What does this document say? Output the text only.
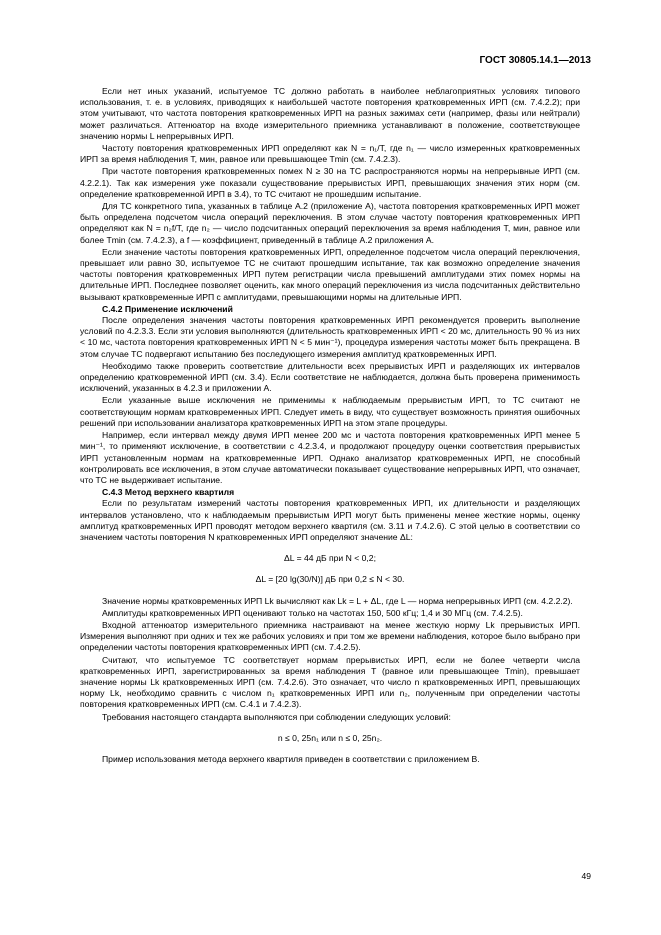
ГОСТ 30805.14.1—2013

Если нет иных указаний, испытуемое ТС должно работать в наиболее неблагоприятных условиях типового использования, т. е. в условиях, приводящих к наибольшей частоте повторения кратковременных ИРП (см. 7.4.2.2); при этом учитывают, что частота повторения кратковременных ИРП на разных зажимах сети (например, фазы или нейтрали) может различаться. Аттенюатор на входе измерительного приемника устанавливают в положение, соответствующее значению нормы L непрерывных ИРП.

Частоту повторения кратковременных ИРП определяют как N = n₁/T, где n₁ — число измеренных кратковременных ИРП за время наблюдения T, мин, равное или превышающее Tmin (см. 7.4.2.3).

При частоте повторения кратковременных помех N ≥ 30 на ТС распространяются нормы на непрерывные ИРП (см. 4.2.2.1). Так как измерения уже показали существование прерывистых ИРП, превышающих значения этих норм (см. определение кратковременной ИРП в 3.4), то ТС считают не прошедшим испытание.

Для ТС конкретного типа, указанных в таблице А.2 (приложение А), частота повторения кратковременных ИРП может быть определена подсчетом числа операций переключения. В этом случае частоту повторения кратковременных ИРП определяют как N = n₂f/T, где n₂ — число подсчитанных операций переключения за время наблюдения T, мин, равное или более Tmin (см. 7.4.2.3), а f — коэффициент, приведенный в таблице А.2 приложения А.

Если значение частоты повторения кратковременных ИРП, определенное подсчетом числа операций переключения, превышает или равно 30, испытуемое ТС не считают прошедшим испытание, так как возможно определение значения частоты повторения кратковременных ИРП путем регистрации числа превышений амплитудами этих помех нормы на длительные ИРП. Последнее позволяет оценить, как много операций переключения из числа подсчитанных действительно вызывают кратковременные ИРП с амплитудами, превышающими нормы на длительные ИРП.

С.4.2 Применение исключений

После определения значения частоты повторения кратковременных ИРП рекомендуется проверить выполнение условий по 4.2.3.3. Если эти условия выполняются (длительность кратковременных ИРП < 20 мс, длительность 90 % из них < 10 мс, частота повторения кратковременных ИРП N < 5 мин⁻¹), процедура измерения частоты может быть прекращена. В этом случае ТС подвергают испытанию без последующего измерения амплитуд кратковременных ИРП.

Необходимо также проверить соответствие длительности всех прерывистых ИРП и разделяющих их интервалов определению кратковременной ИРП (см. 3.4). Если соответствие не наблюдается, должна быть проверена применимость исключений, указанных в 4.2.3 и приложении А.

Если указанные выше исключения не применимы к наблюдаемым прерывистым ИРП, то ТС считают не соответствующим нормам кратковременных ИРП. Следует иметь в виду, что существует возможность принятия ошибочных решений при использовании анализатора кратковременных ИРП на этом этапе процедуры.

Например, если интервал между двумя ИРП менее 200 мс и частота повторения кратковременных ИРП менее 5 мин⁻¹, то применяют исключение, в соответствии с 4.2.3.4, и продолжают процедуру оценки соответствия прерывистых ИРП установленным нормам на кратковременные ИРП. Однако анализатор кратковременных ИРП, не способный контролировать все исключения, в этом случае автоматически показывает существование непрерывных ИРП, что означает, что ТС не выдерживает испытание.

С.4.3 Метод верхнего квартиля

Если по результатам измерений частоты повторения кратковременных ИРП, их длительности и разделяющих интервалов установлено, что к наблюдаемым прерывистым ИРП могут быть применены менее жесткие нормы, оценку амплитуд кратковременных ИРП проводят методом верхнего квартиля (см. 3.11 и 7.4.2.6). С этой целью в соответствии со значением частоты повторения N кратковременных ИРП определяют значение ΔL:

ΔL = 44 дБ при N < 0,2;

ΔL = [20 lg(30/N)] дБ при 0,2 ≤ N < 30.

Значение нормы кратковременных ИРП Lk вычисляют как Lk = L + ΔL, где L — норма непрерывных ИРП (см. 4.2.2.2).

Амплитуды кратковременных ИРП оценивают только на частотах 150, 500 кГц; 1,4 и 30 МГц (см. 7.4.2.5).

Входной аттенюатор измерительного приемника настраивают на менее жесткую норму Lk прерывистых ИРП. Измерения выполняют при одних и тех же рабочих условиях и при том же времени наблюдения, которое было выбрано при определении частоты повторения кратковременных ИРП (см. 7.4.2.5).

Считают, что испытуемое ТС соответствует нормам прерывистых ИРП, если не более четверти числа кратковременных ИРП, зарегистрированных за время наблюдения T (равное или превышающее Tmin), превышает значение нормы Lk кратковременных ИРП (см. 7.4.2.6). Это означает, что число n кратковременных ИРП, превышающих норму Lk, необходимо сравнить с числом n₁ кратковременных ИРП или n₂, полученным при определении частоты повторения кратковременных ИРП (см. С.4.1 и 7.4.2.3).

Требования настоящего стандарта выполняются при соблюдении следующих условий:

n ≤ 0, 25n₁ или n ≤ 0, 25n₂.

Пример использования метода верхнего квартиля приведен в соответствии с приложением В.

49
